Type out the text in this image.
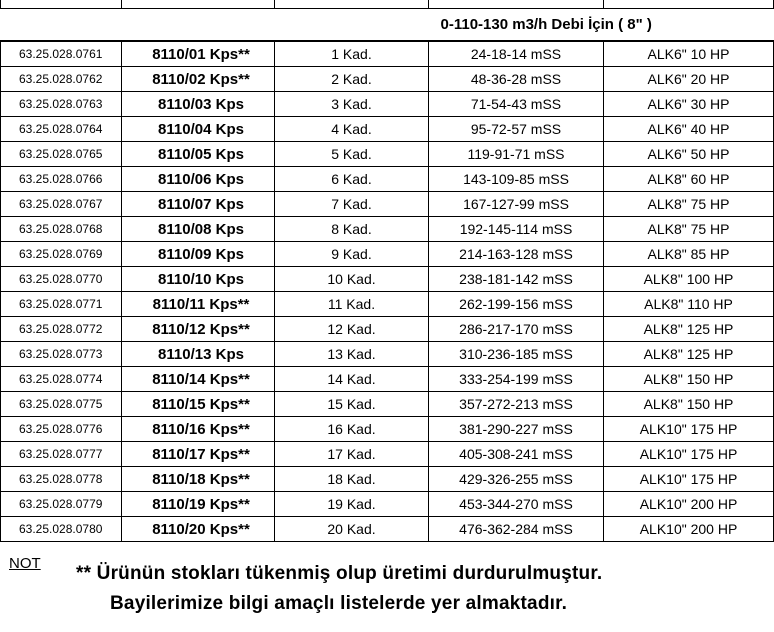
0-110-130 m3/h Debi İçin ( 8" )					
63.25.028.0761	8110/01 Kps**	1 Kad.	24-18-14 mSS	ALK6" 10 HP	
63.25.028.0762	8110/02 Kps**	2 Kad.	48-36-28 mSS	ALK6" 20 HP	
63.25.028.0763	8110/03 Kps	3 Kad.	71-54-43 mSS	ALK6" 30 HP	
63.25.028.0764	8110/04 Kps	4 Kad.	95-72-57 mSS	ALK6" 40 HP	
63.25.028.0765	8110/05 Kps	5 Kad.	119-91-71 mSS	ALK6" 50 HP	
63.25.028.0766	8110/06 Kps	6 Kad.	143-109-85 mSS	ALK8" 60 HP	
63.25.028.0767	8110/07 Kps	7 Kad.	167-127-99 mSS	ALK8" 75 HP	
63.25.028.0768	8110/08 Kps	8 Kad.	192-145-114 mSS	ALK8" 75 HP	
63.25.028.0769	8110/09 Kps	9 Kad.	214-163-128 mSS	ALK8" 85 HP	
63.25.028.0770	8110/10 Kps	10 Kad.	238-181-142 mSS	ALK8" 100 HP	
63.25.028.0771	8110/11 Kps**	11 Kad.	262-199-156 mSS	ALK8" 110 HP	
63.25.028.0772	8110/12 Kps**	12 Kad.	286-217-170 mSS	ALK8" 125 HP	
63.25.028.0773	8110/13 Kps	13 Kad.	310-236-185 mSS	ALK8" 125 HP	
63.25.028.0774	8110/14 Kps**	14 Kad.	333-254-199 mSS	ALK8" 150 HP	
63.25.028.0775	8110/15 Kps**	15 Kad.	357-272-213 mSS	ALK8" 150 HP	
63.25.028.0776	8110/16 Kps**	16 Kad.	381-290-227 mSS	ALK10" 175 HP	
63.25.028.0777	8110/17 Kps**	17 Kad.	405-308-241 mSS	ALK10" 175 HP	
63.25.028.0778	8110/18 Kps**	18 Kad.	429-326-255 mSS	ALK10" 175 HP	
63.25.028.0779	8110/19 Kps**	19 Kad.	453-344-270 mSS	ALK10" 200 HP	
63.25.028.0780	8110/20 Kps**	20 Kad.	476-362-284 mSS	ALK10" 200 HP	
NOT ** Ürünün stokları tükenmiş olup üretimi durdurulmuştur.
Bayilerimize bilgi amaçlı listelerde yer almaktadır.
